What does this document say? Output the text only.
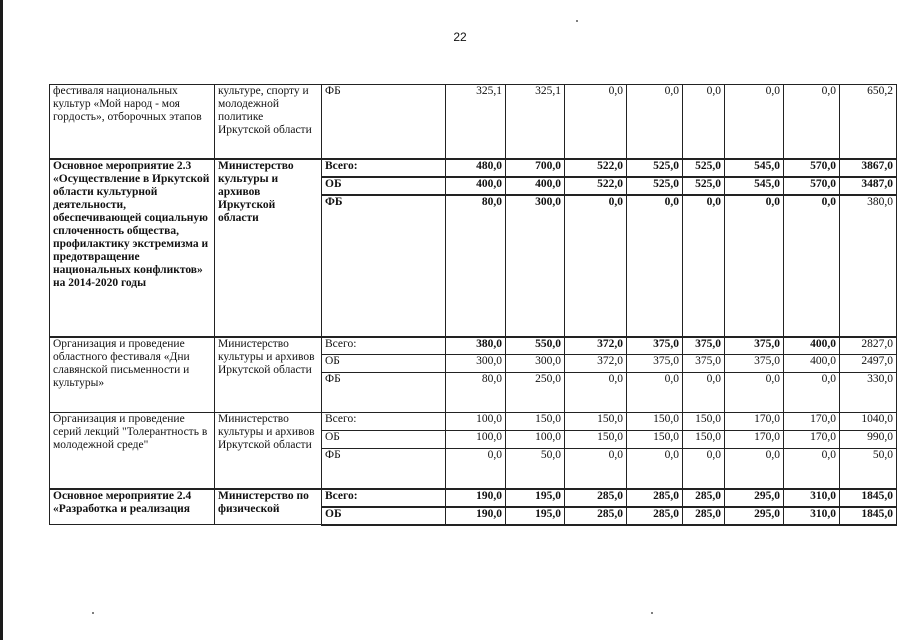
22
фестиваля национальных культур «Мой народ - моя гордость», отборочных этапов	культуре, спорту и молодежной политике Иркутской области	ФБ	325,1	325,1	0,0	0,0	0,0	0,0	0,0	650,2
Основное мероприятие 2.3 «Осуществление в Иркутской области культурной деятельности, обеспечивающей социальную сплоченность общества, профилактику экстремизма и предотвращение национальных конфликтов» на 2014-2020 годы	Министерство культуры и архивов Иркутской области	Всего:	480,0	700,0	522,0	525,0	525,0	545,0	570,0	3867,0
		ОБ	400,0	400,0	522,0	525,0	525,0	545,0	570,0	3487,0
		ФБ	80,0	300,0	0,0	0,0	0,0	0,0	0,0	380,0
Организация и проведение областного фестиваля «Дни славянской письменности и культуры»	Министерство культуры и архивов Иркутской области	Всего:	380,0	550,0	372,0	375,0	375,0	375,0	400,0	2827,0
		ОБ	300,0	300,0	372,0	375,0	375,0	375,0	400,0	2497,0
		ФБ	80,0	250,0	0,0	0,0	0,0	0,0	0,0	330,0
Организация и проведение серий лекций "Толерантность в молодежной среде"	Министерство культуры и архивов Иркутской области	Всего:	100,0	150,0	150,0	150,0	150,0	170,0	170,0	1040,0
		ОБ	100,0	100,0	150,0	150,0	150,0	170,0	170,0	990,0
		ФБ	0,0	50,0	0,0	0,0	0,0	0,0	0,0	50,0
Основное мероприятие 2.4 «Разработка и реализация	Министерство по физической	Всего:	190,0	195,0	285,0	285,0	285,0	295,0	310,0	1845,0
		ОБ	190,0	195,0	285,0	285,0	285,0	295,0	310,0	1845,0
